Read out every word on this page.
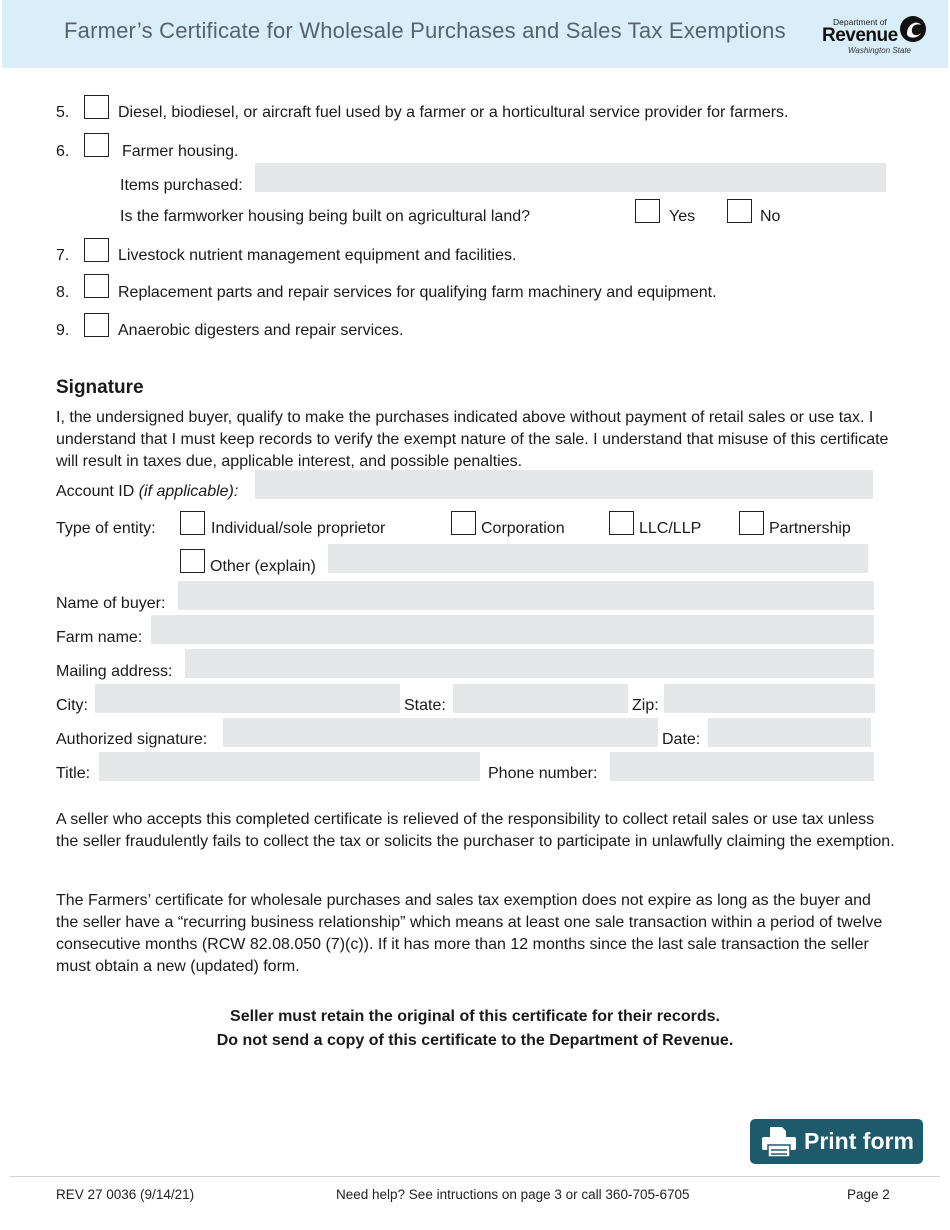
Farmer’s Certificate for Wholesale Purchases and Sales Tax Exemptions	Department of
Revenue
Washington State
5.	Diesel, biodiesel, or aircraft fuel used by a farmer or a horticultural service provider for farmers.
6.	Farmer housing.
Items purchased:
Is the farmworker housing being built on agricultural land?	Yes	No
7.	Livestock nutrient management equipment and facilities.
8.	Replacement parts and repair services for qualifying farm machinery and equipment.
9.	Anaerobic digesters and repair services.
Signature
I, the undersigned buyer, qualify to make the purchases indicated above without payment of retail sales or use tax. I understand that I must keep records to verify the exempt nature of the sale. I understand that misuse of this certificate will result in taxes due, applicable interest, and possible penalties.
Account ID (if applicable):
Type of entity:	Individual/sole proprietor	Corporation	LLC/LLP	Partnership
Other (explain)
Name of buyer:
Farm name:
Mailing address:
City:	State:	Zip:
Authorized signature:	Date:
Title:	Phone number:
A seller who accepts this completed certificate is relieved of the responsibility to collect retail sales or use tax unless the seller fraudulently fails to collect the tax or solicits the purchaser to participate in unlawfully claiming the exemption.
The Farmers’ certificate for wholesale purchases and sales tax exemption does not expire as long as the buyer and the seller have a “recurring business relationship” which means at least one sale transaction within a period of twelve consecutive months (RCW 82.08.050 (7)(c)). If it has more than 12 months since the last sale transaction the seller must obtain a new (updated) form.
Seller must retain the original of this certificate for their records.
Do not send a copy of this certificate to the Department of Revenue.
Print form
REV 27 0036 (9/14/21)	Need help? See intructions on page 3 or call 360-705-6705	Page 2
